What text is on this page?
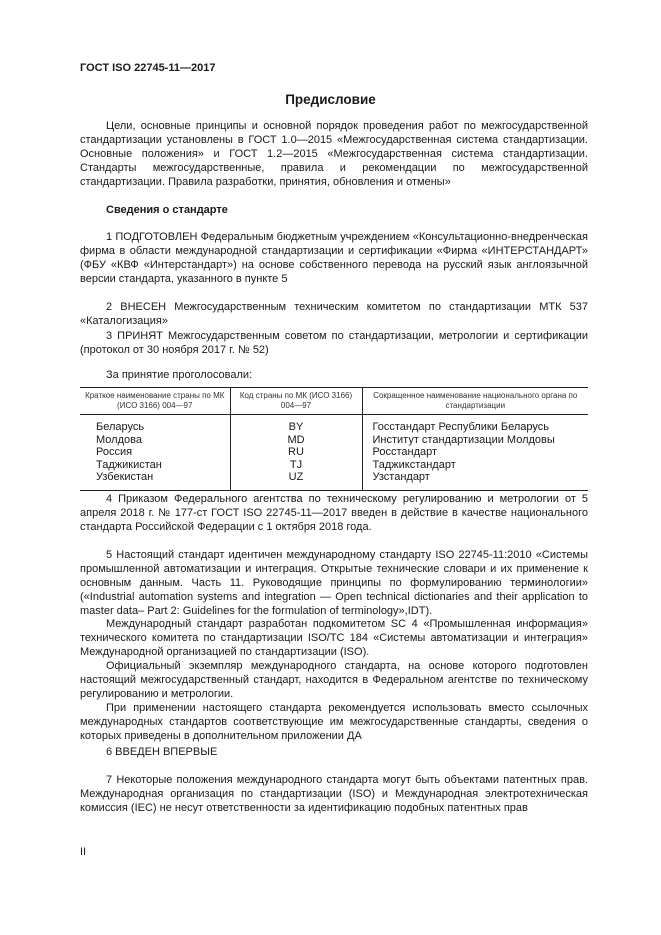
ГОСТ ISO 22745-11—2017
Предисловие

Цели, основные принципы и основной порядок проведения работ по межгосударственной стандартизации установлены в ГОСТ 1.0—2015 «Межгосударственная система стандартизации. Основные положения» и ГОСТ 1.2—2015 «Межгосударственная система стандартизации. Стандарты межгосударственные, правила и рекомендации по межгосударственной стандартизации. Правила разработки, принятия, обновления и отмены»

Сведения о стандарте

1 ПОДГОТОВЛЕН Федеральным бюджетным учреждением «Консультационно-внедренческая фирма в области международной стандартизации и сертификации «Фирма «ИНТЕРСТАНДАРТ» (ФБУ «КВФ «Интерстандарт») на основе собственного перевода на русский язык англоязычной версии стандарта, указанного в пункте 5

2 ВНЕСЕН Межгосударственным техническим комитетом по стандартизации МТК 537 «Каталогизация»

3 ПРИНЯТ Межгосударственным советом по стандартизации, метрологии и сертификации (протокол от 30 ноября 2017 г. № 52)

За принятие проголосовали:

Краткое наименование страны по МК (ИСО 3166) 004—97	Код страны по МК (ИСО 3166) 004—97	Сокращенное наименование национального органа по стандартизации
Беларусь	BY	Госстандарт Республики Беларусь
Молдова	MD	Институт стандартизации Молдовы
Россия	RU	Росстандарт
Таджикистан	TJ	Таджикстандарт
Узбекистан	UZ	Узстандарт

4 Приказом Федерального агентства по техническому регулированию и метрологии от 5 апреля 2018 г. № 177-ст ГОСТ ISO 22745-11—2017 введен в действие в качестве национального стандарта Российской Федерации с 1 октября 2018 года.

5 Настоящий стандарт идентичен международному стандарту ISO 22745-11:2010 «Системы промышленной автоматизации и интеграция. Открытые технические словари и их применение к основным данным. Часть 11. Руководящие принципы по формулированию терминологии» («Industrial automation systems and integration — Open technical dictionaries and their application to master data– Part 2: Guidelines for the formulation of terminology»,IDT).

Международный стандарт разработан подкомитетом SC 4 «Промышленная информация» технического комитета по стандартизации ISO/TC 184 «Системы автоматизации и интеграция» Международной организацией по стандартизации (ISO).

Официальный экземпляр международного стандарта, на основе которого подготовлен настоящий межгосударственный стандарт, находится в Федеральном агентстве по техническому регулированию и метрологии.

При применении настоящего стандарта рекомендуется использовать вместо ссылочных международных стандартов соответствующие им межгосударственные стандарты, сведения о которых приведены в дополнительном приложении ДА

6 ВВЕДЕН ВПЕРВЫЕ

7 Некоторые положения международного стандарта могут быть объектами патентных прав. Международная организация по стандартизации (ISO) и Международная электротехническая комиссия (IEC) не несут ответственности за идентификацию подобных патентных прав

II
